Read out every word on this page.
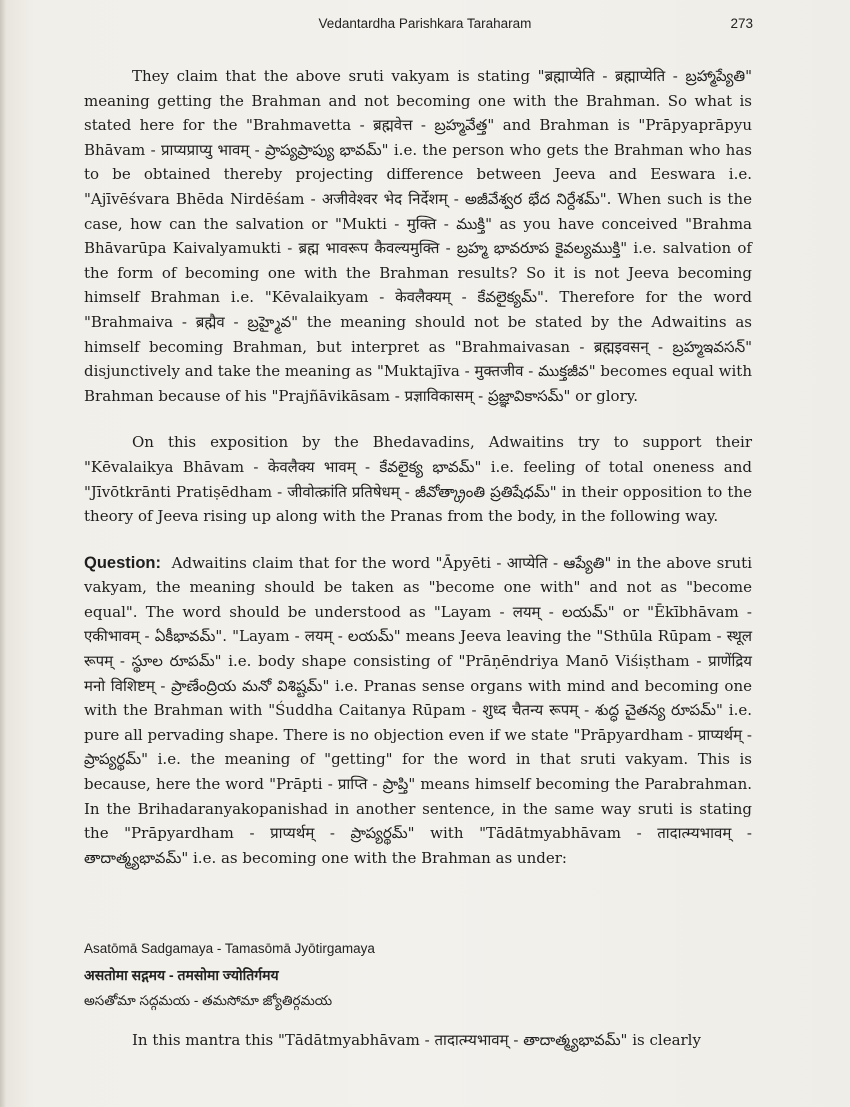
Vedantardha Parishkara Taraharam	273

They claim that the above sruti vakyam is stating "ब्रह्माप्येति - ब्रह्माप्येति - బ్రహ్మాప్యేతి" meaning getting the Brahman and not becoming one with the Brahman. So what is stated here for the "Brahmavetta - ब्रह्मवेत्त - బ్రహ్మవేత్త" and Brahman is "Prāpyaprāpyu Bhāvam - प्राप्यप्राप्यु भावम् - ప్రాప్యప్రాప్యు భావమ్" i.e. the person who gets the Brahman who has to be obtained thereby projecting difference between Jeeva and Eeswara i.e. "Ajīvēśvara Bhēda Nirdēśam - अजीवेश्वर भेद निर्देशम् - అజీవేశ్వర భేద నిర్దేశమ్". When such is the case, how can the salvation or "Mukti - मुक्ति - ముక్తి" as you have conceived "Brahma Bhāvarūpa Kaivalyamukti - ब्रह्म भावरूप कैवल्यमुक्ति - బ్రహ్మ భావరూప కైవల్యముక్తి" i.e. salvation of the form of becoming one with the Brahman results? So it is not Jeeva becoming himself Brahman i.e. "Kēvalaikyam - केवलैक्यम् - కేవలైక్యమ్". Therefore for the word "Brahmaiva - ब्रह्मैव - బ్రహ్మైవ" the meaning should not be stated by the Adwaitins as himself becoming Brahman, but interpret as "Brahmaivasan - ब्रह्मइवसन् - బ్రహ్మఇవసన్" disjunctively and take the meaning as "Muktajīva - मुक्तजीव - ముక్తజీవ" becomes equal with Brahman because of his "Prajñāvikāsam - प्रज्ञाविकासम् - ప్రజ్ఞావికాసమ్" or glory.

On this exposition by the Bhedavadins, Adwaitins try to support their "Kēvalaikya Bhāvam - केवलैक्य भावम् - కేవలైక్య భావమ్" i.e. feeling of total oneness and "Jīvōtkrānti Pratiṣēdham - जीवोत्क्रांति प्रतिषेधम् - జీవోత్క్రాంతి ప్రతిషేధమ్" in their opposition to the theory of Jeeva rising up along with the Pranas from the body, in the following way.

Question: Adwaitins claim that for the word "Āpyēti - आप्येति - ఆప్యేతి" in the above sruti vakyam, the meaning should be taken as "become one with" and not as "become equal". The word should be understood as "Layam - लयम् - లయమ్" or "Ēkībhāvam - एकीभावम् - ఏకీభావమ్". "Layam - लयम् - లయమ్" means Jeeva leaving the "Sthūla Rūpam - स्थूल रूपम् - స్థూల రూపమ్" i.e. body shape consisting of "Prāṇēndriya Manō Viśiṣtham - प्राणेंद्रिय मनो विशिष्टम् - ప్రాణేంద్రియ మనో విశిష్టమ్" i.e. Pranas sense organs with mind and becoming one with the Brahman with "Śuddha Caitanya Rūpam - शुध्द चैतन्य रूपम् - శుద్ధ చైతన్య రూపమ్" i.e. pure all pervading shape. There is no objection even if we state "Prāpyardham - प्राप्यर्थम् - ప్రాప్యర్థమ్" i.e. the meaning of "getting" for the word in that sruti vakyam. This is because, here the word "Prāpti - प्राप्ति - ప్రాప్తి" means himself becoming the Parabrahman. In the Brihadaranyakopanishad in another sentence, in the same way sruti is stating the "Prāpyardham - प्राप्यर्थम् - ప్రాప్యర్థమ్" with "Tādātmyabhāvam - तादात्म्यभावम् - తాదాత్మ్యభావమ్" i.e. as becoming one with the Brahman as under:

Asatōmā Sadgamaya - Tamasōmā Jyōtirgamaya
असतोमा सद्गमय - तमसोमा ज्योतिर्गमय
అసతోమా సద్గమయ - తమసోమా జ్యోతిర్గమయ
In this mantra this "Tādātmyabhāvam - तादात्म्यभावम् - తాదాత్మ్యభావమ్" is clearly
